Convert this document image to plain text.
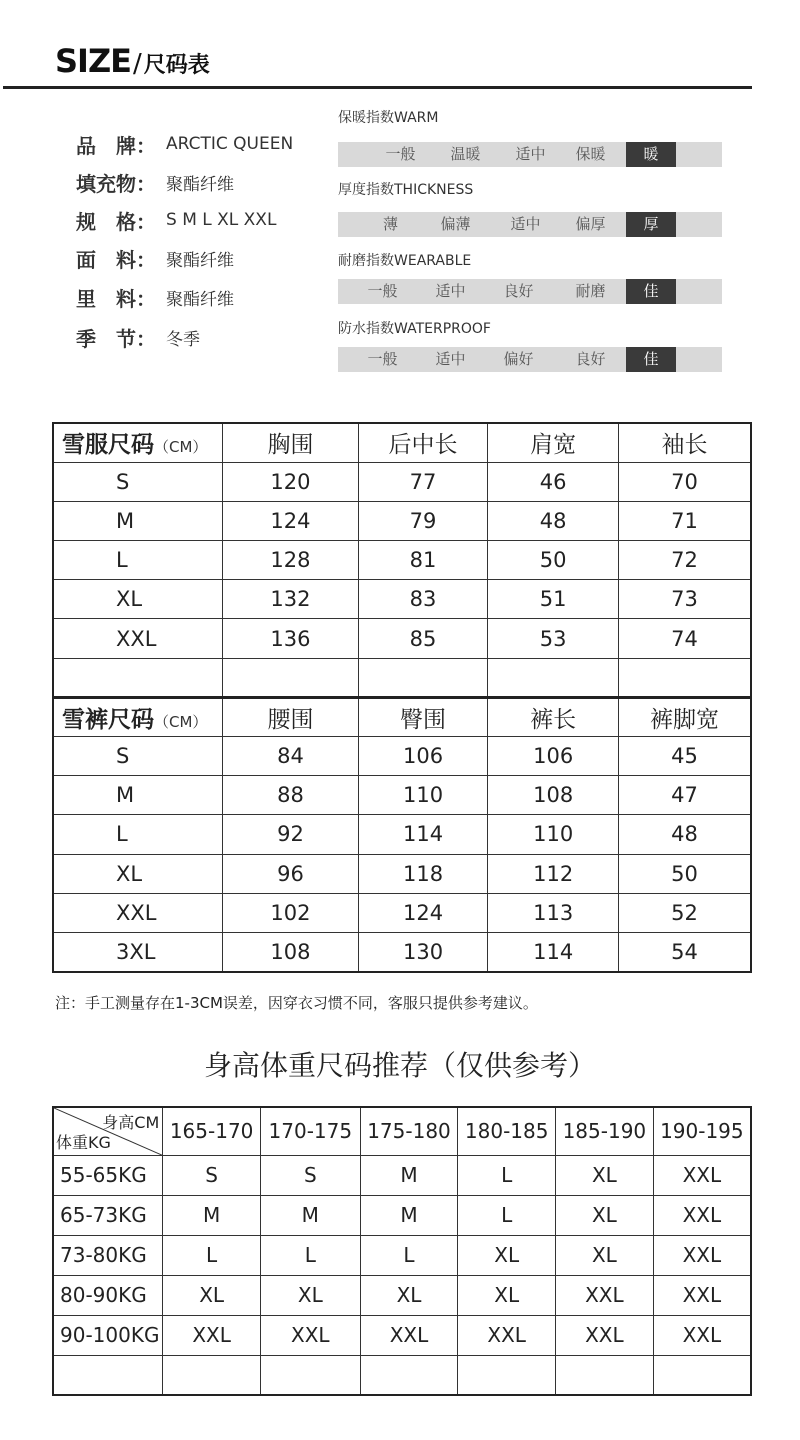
SIZE / 尺码表
品　牌： ARCTIC QUEEN
填充物： 聚酯纤维
规　格： S M L XL XXL
面　料： 聚酯纤维
里　料： 聚酯纤维
季　节： 冬季
保暖指数WARM
一般	温暖	适中	保暖	暖
厚度指数THICKNESS
薄	偏薄	适中	偏厚	厚
耐磨指数WEARABLE
一般	适中	良好	耐磨	佳
防水指数WATERPROOF
一般	适中	偏好	良好	佳
雪服尺码（CM）	胸围	后中长	肩宽	袖长
S	120	77	46	70
M	124	79	48	71
L	128	81	50	72
XL	132	83	51	73
XXL	136	85	53	74

雪裤尺码（CM）	腰围	臀围	裤长	裤脚宽
S	84	106	106	45
M	88	110	108	47
L	92	114	110	48
XL	96	118	112	50
XXL	102	124	113	52
3XL	108	130	114	54
注：手工测量存在1-3CM误差，因穿衣习惯不同，客服只提供参考建议。
身高体重尺码推荐（仅供参考）
身高CM
体重KG	165-170	170-175	175-180	180-185	185-190	190-195
55-65KG	S	S	M	L	XL	XXL
65-73KG	M	M	M	L	XL	XXL
73-80KG	L	L	L	XL	XL	XXL
80-90KG	XL	XL	XL	XL	XXL	XXL
90-100KG	XXL	XXL	XXL	XXL	XXL	XXL
